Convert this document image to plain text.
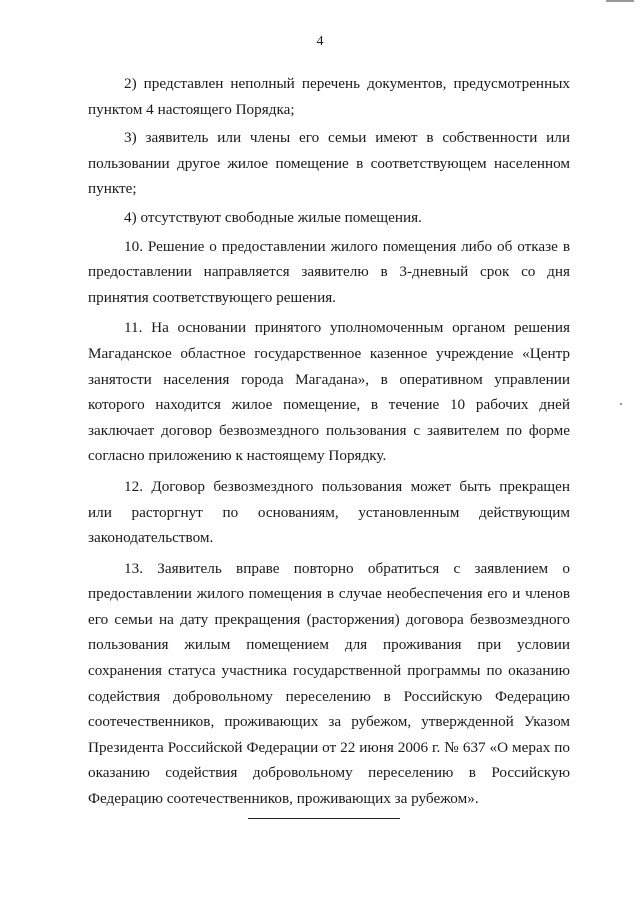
4

2) представлен неполный перечень документов, предусмотренных пунктом 4 настоящего Порядка;

3) заявитель или члены его семьи имеют в собственности или пользовании другое жилое помещение в соответствующем населенном пункте;

4) отсутствуют свободные жилые помещения.

10. Решение о предоставлении жилого помещения либо об отказе в предоставлении направляется заявителю в 3-дневный срок со дня принятия соответствующего решения.

11. На основании принятого уполномоченным органом решения Магаданское областное государственное казенное учреждение «Центр занятости населения города Магадана», в оперативном управлении которого находится жилое помещение, в течение 10 рабочих дней заключает договор безвозмездного пользования с заявителем по форме согласно приложению к настоящему Порядку.

12. Договор безвозмездного пользования может быть прекращен или расторгнут по основаниям, установленным действующим законодательством.

13. Заявитель вправе повторно обратиться с заявлением о предоставлении жилого помещения в случае необеспечения его и членов его семьи на дату прекращения (расторжения) договора безвозмездного пользования жилым помещением для проживания при условии сохранения статуса участника государственной программы по оказанию содействия добровольному переселению в Российскую Федерацию соотечественников, проживающих за рубежом, утвержденной Указом Президента Российской Федерации от 22 июня 2006 г. № 637 «О мерах по оказанию содействия добровольному переселению в Российскую Федерацию соотечественников, проживающих за рубежом».
